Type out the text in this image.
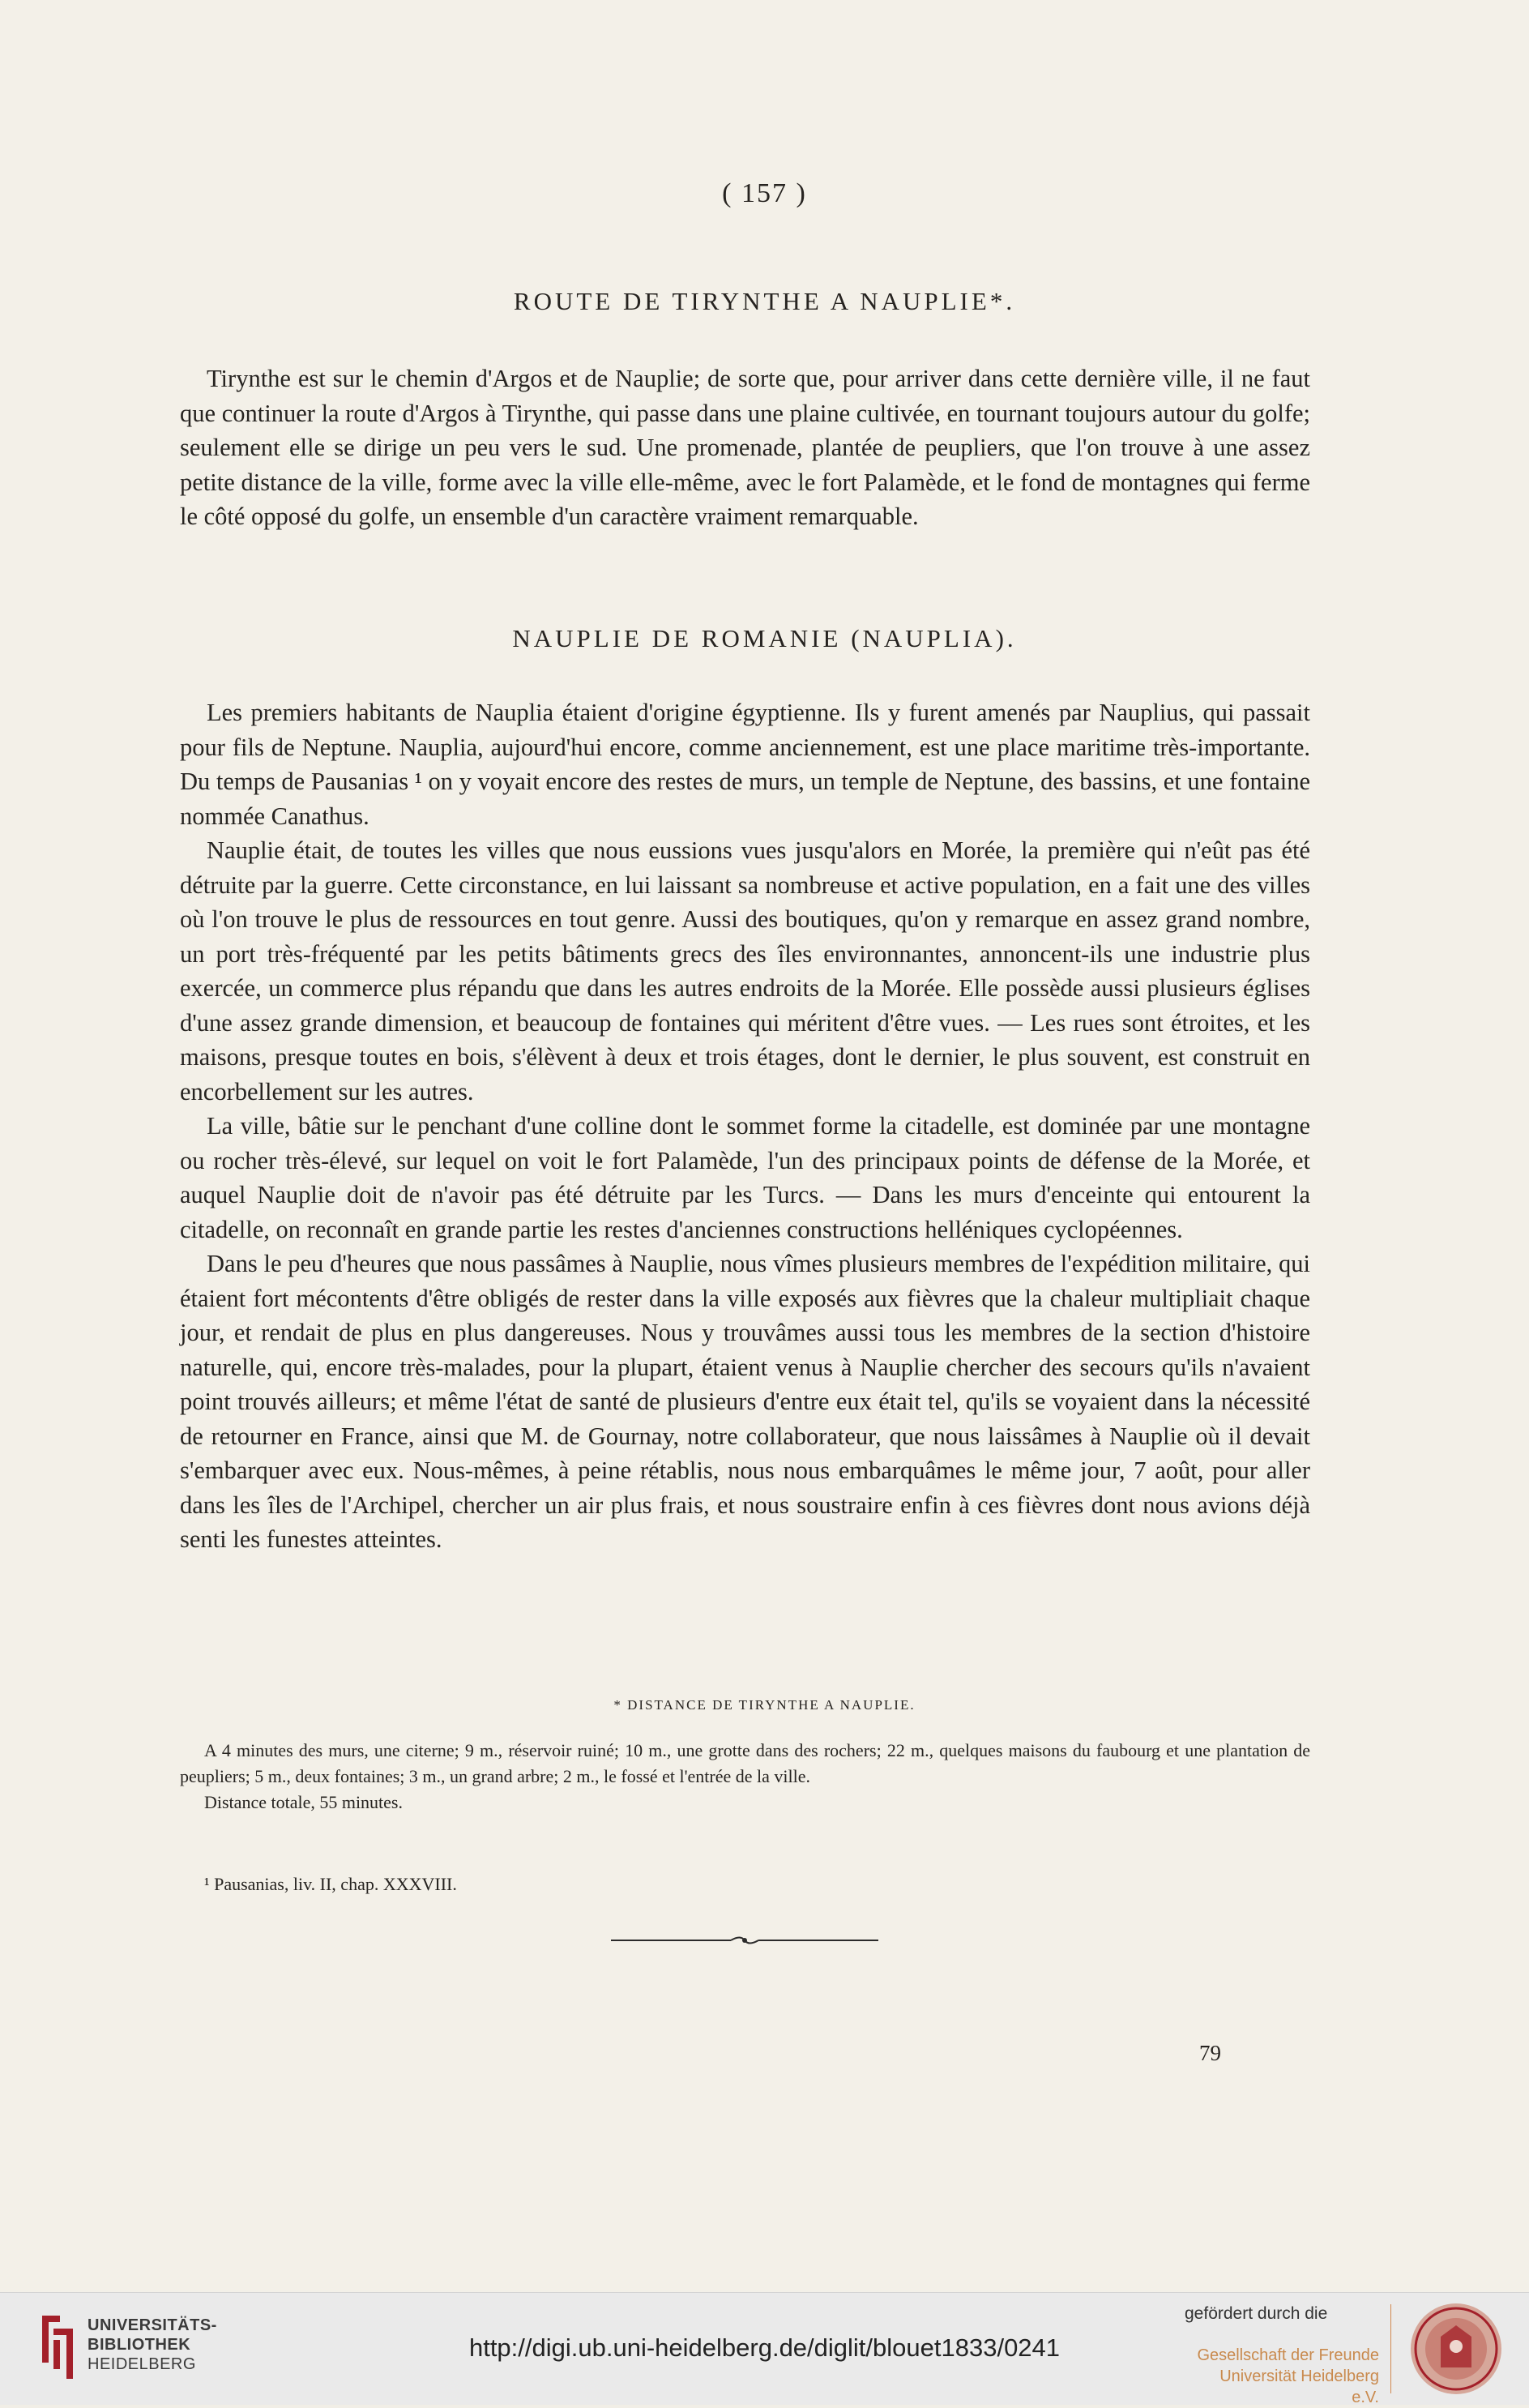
( 157 )
ROUTE DE TIRYNTHE A NAUPLIE*.

Tirynthe est sur le chemin d'Argos et de Nauplie; de sorte que, pour arriver dans cette dernière ville, il ne faut que continuer la route d'Argos à Tirynthe, qui passe dans une plaine cultivée, en tournant toujours autour du golfe; seulement elle se dirige un peu vers le sud. Une promenade, plantée de peupliers, que l'on trouve à une assez petite distance de la ville, forme avec la ville elle-même, avec le fort Palamède, et le fond de montagnes qui ferme le côté opposé du golfe, un ensemble d'un caractère vraiment remarquable.

NAUPLIE DE ROMANIE (NAUPLIA).

Les premiers habitants de Nauplia étaient d'origine égyptienne. Ils y furent amenés par Nauplius, qui passait pour fils de Neptune. Nauplia, aujourd'hui encore, comme anciennement, est une place maritime très-importante. Du temps de Pausanias ¹ on y voyait encore des restes de murs, un temple de Neptune, des bassins, et une fontaine nommée Canathus.

Nauplie était, de toutes les villes que nous eussions vues jusqu'alors en Morée, la première qui n'eût pas été détruite par la guerre. Cette circonstance, en lui laissant sa nombreuse et active population, en a fait une des villes où l'on trouve le plus de ressources en tout genre. Aussi des boutiques, qu'on y remarque en assez grand nombre, un port très-fréquenté par les petits bâtiments grecs des îles environnantes, annoncent-ils une industrie plus exercée, un commerce plus répandu que dans les autres endroits de la Morée. Elle possède aussi plusieurs églises d'une assez grande dimension, et beaucoup de fontaines qui méritent d'être vues. — Les rues sont étroites, et les maisons, presque toutes en bois, s'élèvent à deux et trois étages, dont le dernier, le plus souvent, est construit en encorbellement sur les autres.

La ville, bâtie sur le penchant d'une colline dont le sommet forme la citadelle, est dominée par une montagne ou rocher très-élevé, sur lequel on voit le fort Palamède, l'un des principaux points de défense de la Morée, et auquel Nauplie doit de n'avoir pas été détruite par les Turcs. — Dans les murs d'enceinte qui entourent la citadelle, on reconnaît en grande partie les restes d'anciennes constructions helléniques cyclopéennes.

Dans le peu d'heures que nous passâmes à Nauplie, nous vîmes plusieurs membres de l'expédition militaire, qui étaient fort mécontents d'être obligés de rester dans la ville exposés aux fièvres que la chaleur multipliait chaque jour, et rendait de plus en plus dangereuses. Nous y trouvâmes aussi tous les membres de la section d'histoire naturelle, qui, encore très-malades, pour la plupart, étaient venus à Nauplie chercher des secours qu'ils n'avaient point trouvés ailleurs; et même l'état de santé de plusieurs d'entre eux était tel, qu'ils se voyaient dans la nécessité de retourner en France, ainsi que M. de Gournay, notre collaborateur, que nous laissâmes à Nauplie où il devait s'embarquer avec eux. Nous-mêmes, à peine rétablis, nous nous embarquâmes le même jour, 7 août, pour aller dans les îles de l'Archipel, chercher un air plus frais, et nous soustraire enfin à ces fièvres dont nous avions déjà senti les funestes atteintes.

* DISTANCE DE TIRYNTHE A NAUPLIE.

A 4 minutes des murs, une citerne; 9 m., réservoir ruiné; 10 m., une grotte dans des rochers; 22 m., quelques maisons du faubourg et une plantation de peupliers; 5 m., deux fontaines; 3 m., un grand arbre; 2 m., le fossé et l'entrée de la ville.

Distance totale, 55 minutes.

¹ Pausanias, liv. II, chap. XXXVIII.
79
UNIVERSITÄTS-
BIBLIOTHEK
HEIDELBERG
http://digi.ub.uni-heidelberg.de/diglit/blouet1833/0241
gefördert durch die
Gesellschaft der Freunde
Universität Heidelberg e.V.
